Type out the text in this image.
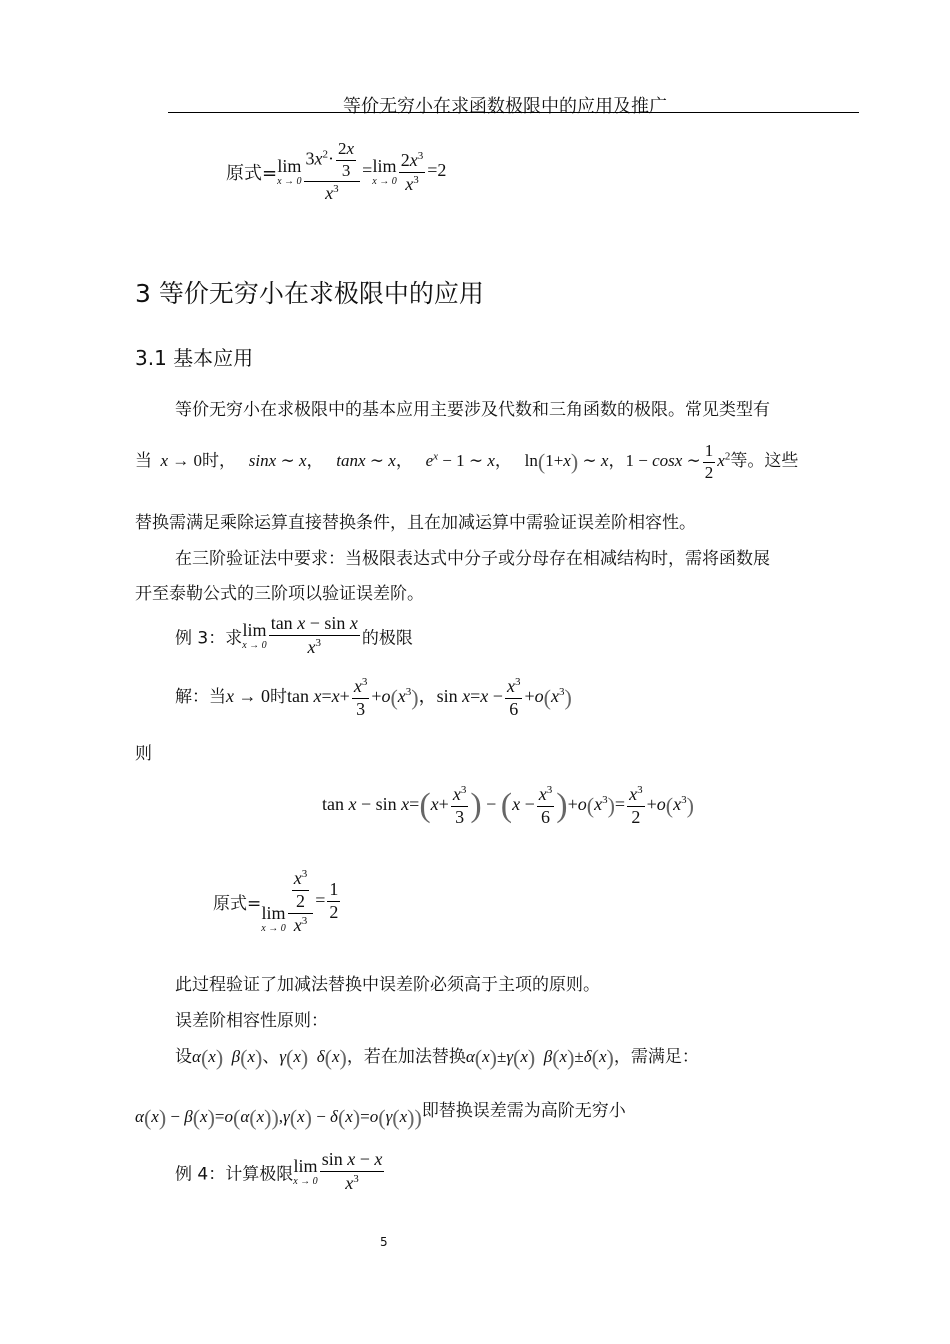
等价无穷小在求函数极限中的应用及推广
原式=lim
$x \to 0 \frac{3x^2\cdot \frac{2x}{3}}{x^3} =\lim$
$x \to 0 \frac{2x^3}{x^3} =2$
3 等价无穷小在求极限中的应用
3.1 基本应用
等价无穷小在求极限中的基本应用主要涉及代数和三角函数的极限。常见类型有
当 x → 0时， sinx ∼ x，   tanx ∼ x，   $e^x - 1$ ∼ x，   ln(1+x) ∼ x，1 − cosx ∼ $\frac{1}{2} x^2$等。这些
替换需满足乘除运算直接替换条件，且在加减运算中需验证误差阶相容性。
在三阶验证法中要求：当极限表达式中分子或分母存在相减结构时，需将函数展
开至泰勒公式的三阶项以验证误差阶。
例 3：求lim
$x \to 0 \frac{\text{tan x − sin x}}{x^3}$ 的极限
解：当x → 0时$\tan x=x+ \frac{x^3}{3} +o(x^3)$，$\sin x=x - \frac{x^3}{6} +o(x^3)$
则
$\tan x - \sin x=(x+ \frac{x^3}{3}$ ) − $(x - \frac{x^3}{6} )+o(x^3)= \frac{x^3}{2} +o(x^3)$
原式=lim
$x \to 0 \frac{\frac{x^3}{2}}{x^3} = \frac{1}{2}$
此过程验证了加减法替换中误差阶必须高于主项的原则。
误差阶相容性原则：
设α(x) β(x)、γ(x) δ(x)，若在加法替换α(x)±γ(x) β(x)±δ(x)，需满足：
α(x) − β(x)=o(α(x)),γ(x) − δ(x)=o(γ(x))即替换误差需为高阶无穷小
例 4：计算极限lim
$x \to 0 \frac{\text{sin x − x}}{x^3}$
5
